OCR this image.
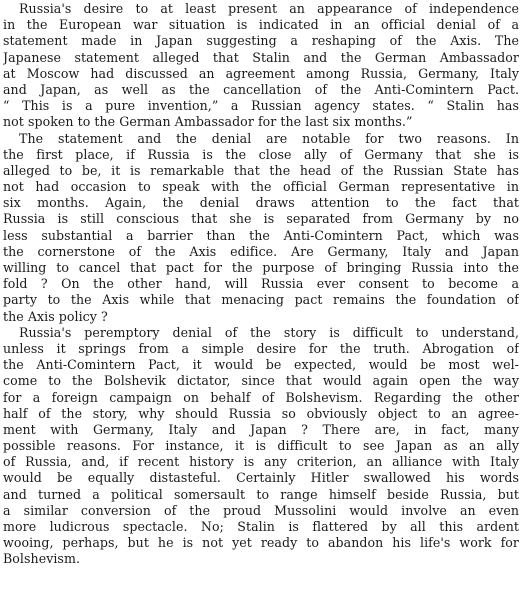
Russia's desire to at least present an appearance of independence
in the European war situation is indicated in an official denial of a
statement made in Japan suggesting a reshaping of the Axis. The
Japanese statement alleged that Stalin and the German Ambassador
at Moscow had discussed an agreement among Russia, Germany, Italy
and Japan, as well as the cancellation of the Anti-Comintern Pact.
“ This is a pure invention,” a Russian agency states. “ Stalin has
not spoken to the German Ambassador for the last six months.”
The statement and the denial are notable for two reasons. In
the first place, if Russia is the close ally of Germany that she is
alleged to be, it is remarkable that the head of the Russian State has
not had occasion to speak with the official German representative in
six months. Again, the denial draws attention to the fact that
Russia is still conscious that she is separated from Germany by no
less substantial a barrier than the Anti-Comintern Pact, which was
the cornerstone of the Axis edifice. Are Germany, Italy and Japan
willing to cancel that pact for the purpose of bringing Russia into the
fold ? On the other hand, will Russia ever consent to become a
party to the Axis while that menacing pact remains the foundation of
the Axis policy ?
Russia's peremptory denial of the story is difficult to understand,
unless it springs from a simple desire for the truth. Abrogation of
the Anti-Comintern Pact, it would be expected, would be most wel-
come to the Bolshevik dictator, since that would again open the way
for a foreign campaign on behalf of Bolshevism. Regarding the other
half of the story, why should Russia so obviously object to an agree-
ment with Germany, Italy and Japan ? There are, in fact, many
possible reasons. For instance, it is difficult to see Japan as an ally
of Russia, and, if recent history is any criterion, an alliance with Italy
would be equally distasteful. Certainly Hitler swallowed his words
and turned a political somersault to range himself beside Russia, but
a similar conversion of the proud Mussolini would involve an even
more ludicrous spectacle. No; Stalin is flattered by all this ardent
wooing, perhaps, but he is not yet ready to abandon his life's work for
Bolshevism.
